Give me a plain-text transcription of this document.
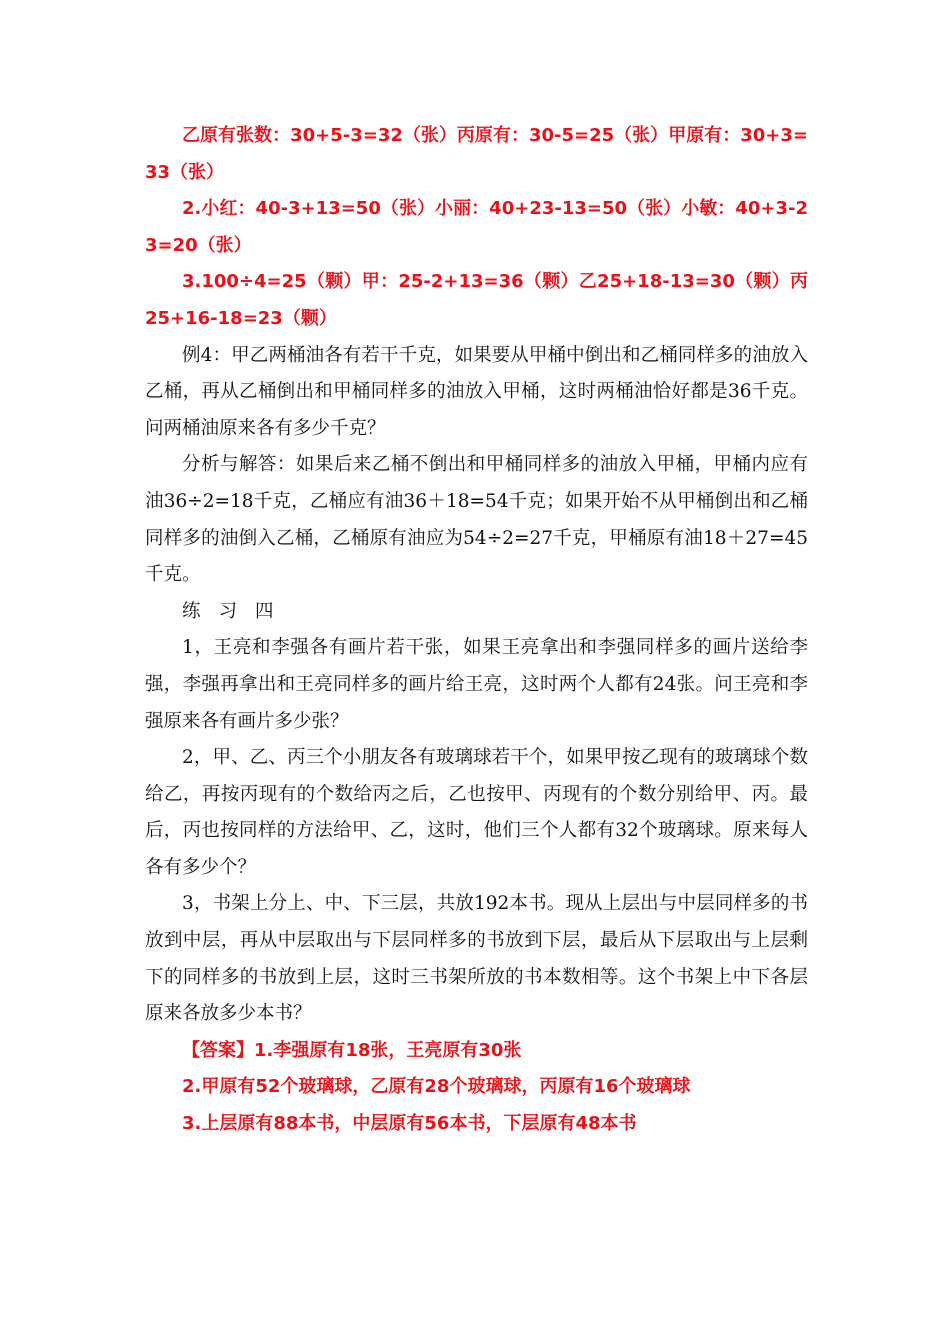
乙原有张数：30+5-3=32（张）丙原有：30-5=25（张）甲原有：30+3=33（张）

2.小红：40-3+13=50（张）小丽：40+23-13=50（张）小敏：40+3-23=20（张）

3.100÷4=25（颗）甲：25-2+13=36（颗）乙25+18-13=30（颗）丙25+16-18=23（颗）

例4：甲乙两桶油各有若干千克，如果要从甲桶中倒出和乙桶同样多的油放入乙桶，再从乙桶倒出和甲桶同样多的油放入甲桶，这时两桶油恰好都是36千克。问两桶油原来各有多少千克？

分析与解答：如果后来乙桶不倒出和甲桶同样多的油放入甲桶，甲桶内应有油36÷2=18千克，乙桶应有油36＋18=54千克；如果开始不从甲桶倒出和乙桶同样多的油倒入乙桶，乙桶原有油应为54÷2=27千克，甲桶原有油18＋27=45千克。

练习四

1，王亮和李强各有画片若干张，如果王亮拿出和李强同样多的画片送给李强，李强再拿出和王亮同样多的画片给王亮，这时两个人都有24张。问王亮和李强原来各有画片多少张？

2，甲、乙、丙三个小朋友各有玻璃球若干个，如果甲按乙现有的玻璃球个数给乙，再按丙现有的个数给丙之后，乙也按甲、丙现有的个数分别给甲、丙。最后，丙也按同样的方法给甲、乙，这时，他们三个人都有32个玻璃球。原来每人各有多少个？

3，书架上分上、中、下三层，共放192本书。现从上层出与中层同样多的书放到中层，再从中层取出与下层同样多的书放到下层，最后从下层取出与上层剩下的同样多的书放到上层，这时三书架所放的书本数相等。这个书架上中下各层原来各放多少本书？

【答案】1.李强原有18张，王亮原有30张

2.甲原有52个玻璃球，乙原有28个玻璃球，丙原有16个玻璃球

3.上层原有88本书，中层原有56本书，下层原有48本书
